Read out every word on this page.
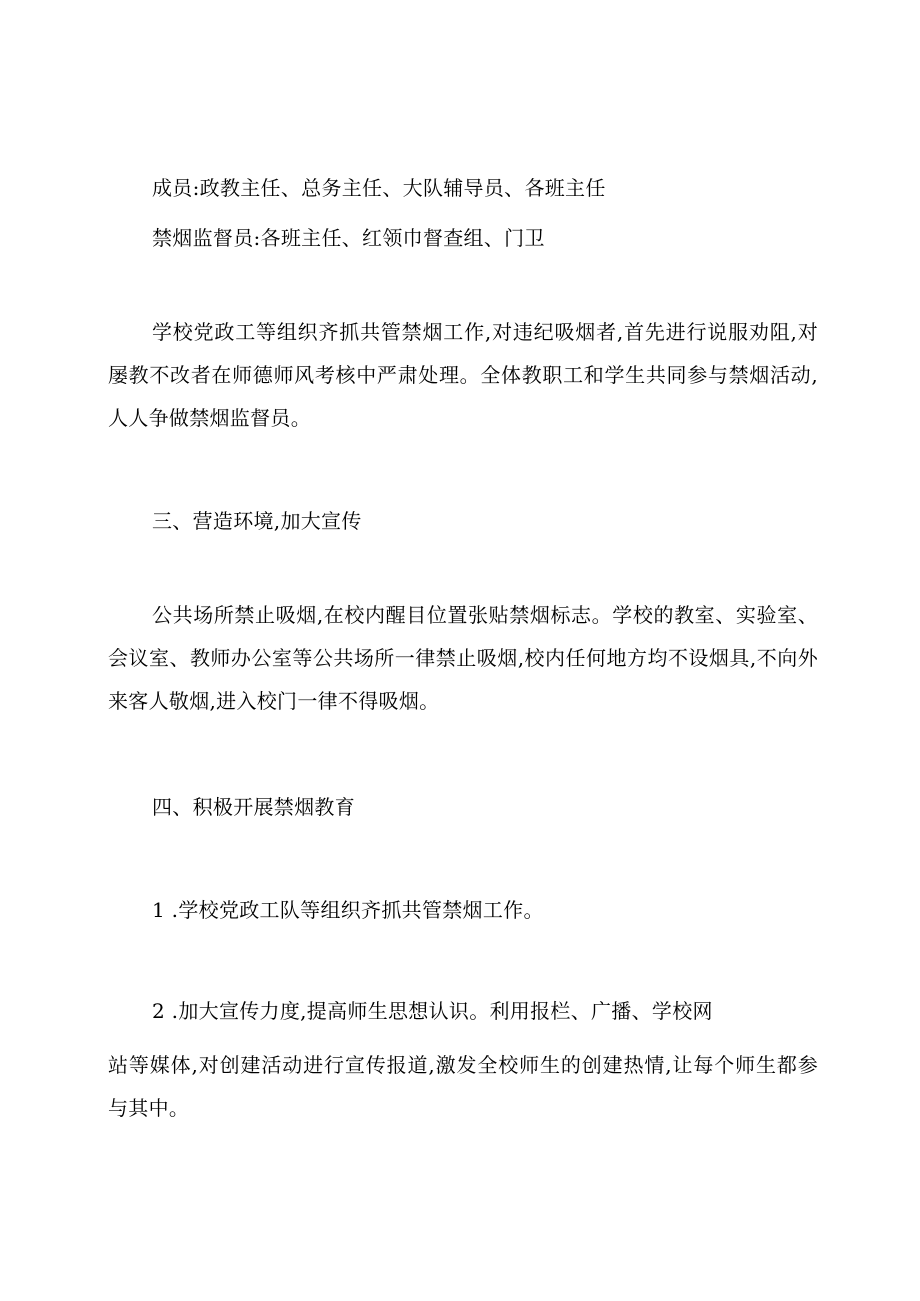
成员:政教主任、总务主任、大队辅导员、各班主任
禁烟监督员:各班主任、红领巾督查组、门卫
学校党政工等组织齐抓共管禁烟工作,对违纪吸烟者,首先进行说服劝阻,对屡教不改者在师德师风考核中严肃处理。全体教职工和学生共同参与禁烟活动,人人争做禁烟监督员。
三、营造环境,加大宣传
公共场所禁止吸烟,在校内醒目位置张贴禁烟标志。学校的教室、实验室、会议室、教师办公室等公共场所一律禁止吸烟,校内任何地方均不设烟具,不向外来客人敬烟,进入校门一律不得吸烟。
四、积极开展禁烟教育
1 .学校党政工队等组织齐抓共管禁烟工作。
2 .加大宣传力度,提高师生思想认识。利用报栏、广播、学校网
站等媒体,对创建活动进行宣传报道,激发全校师生的创建热情,让每个师生都参与其中。
